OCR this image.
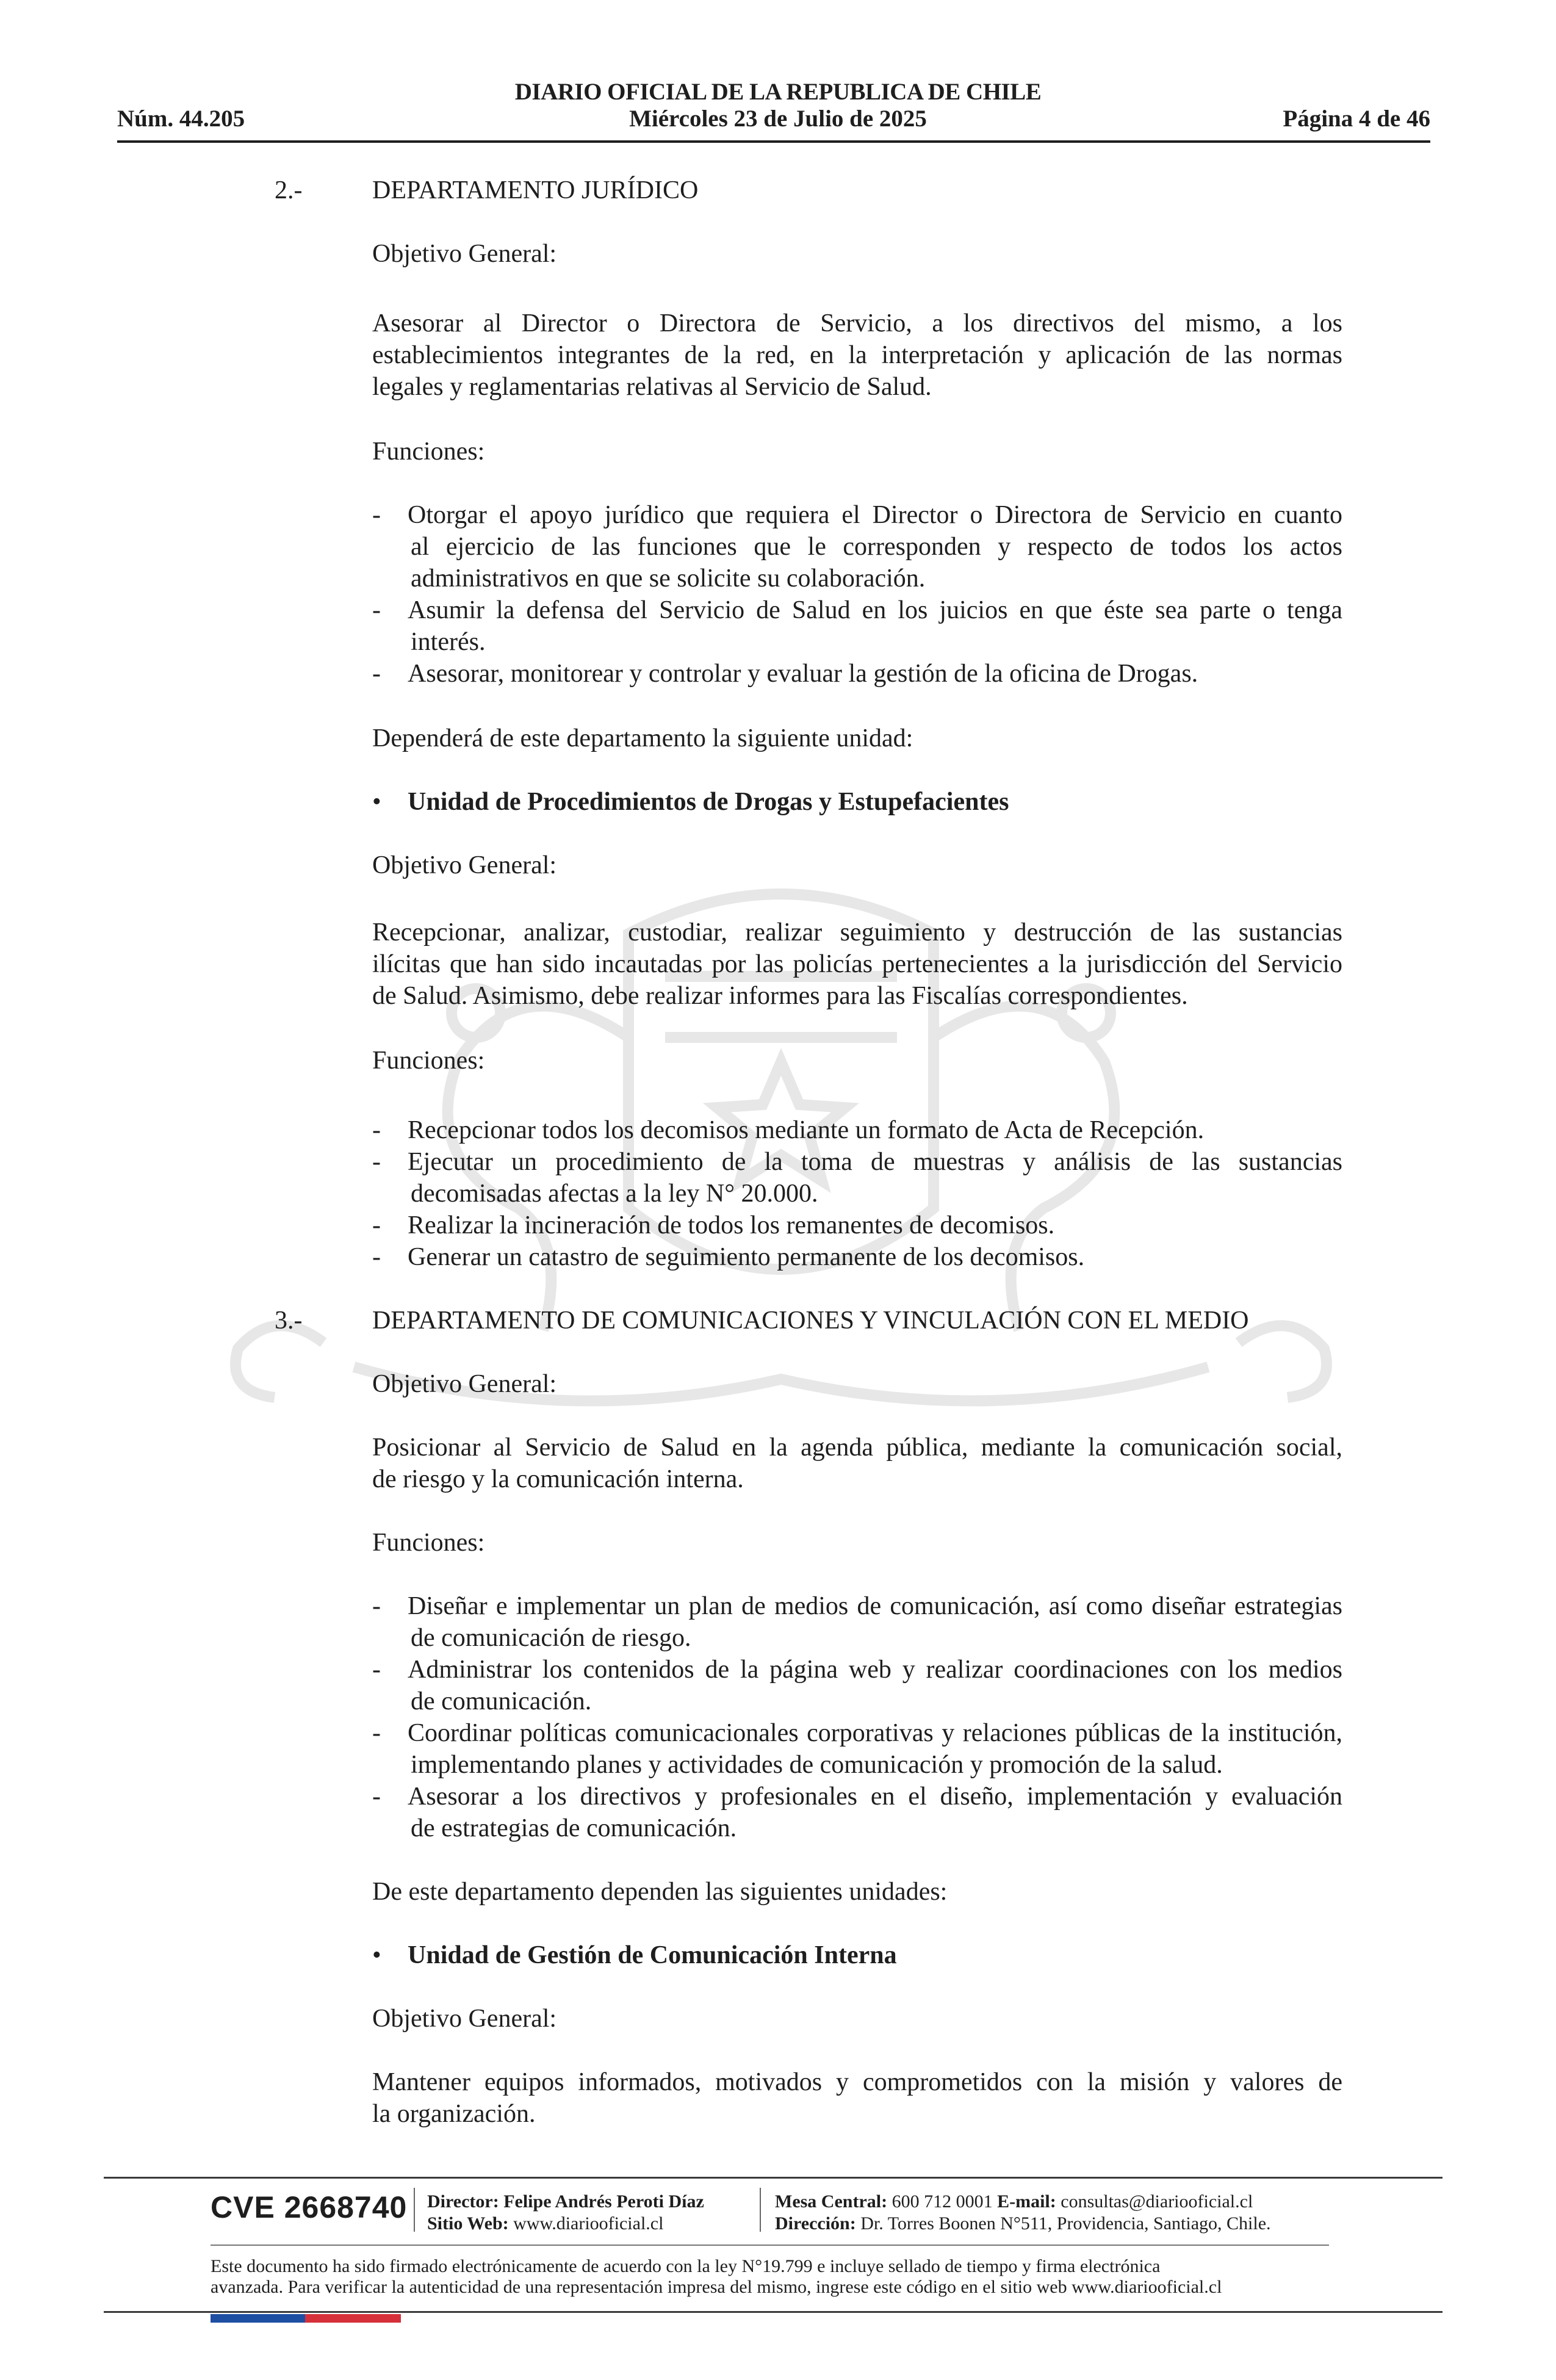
DIARIO OFICIAL DE LA REPUBLICA DE CHILE
Núm. 44.205	Miércoles 23 de Julio de 2025	Página 4 de 46
2.-	DEPARTAMENTO JURÍDICO
Objetivo General:
Asesorar al Director o Directora de Servicio, a los directivos del mismo, a los
establecimientos integrantes de la red, en la interpretación y aplicación de las normas
legales y reglamentarias relativas al Servicio de Salud.
Funciones:
- Otorgar el apoyo jurídico que requiera el Director o Directora de Servicio en cuanto
al ejercicio de las funciones que le corresponden y respecto de todos los actos
administrativos en que se solicite su colaboración.
- Asumir la defensa del Servicio de Salud en los juicios en que éste sea parte o tenga
interés.
- Asesorar, monitorear y controlar y evaluar la gestión de la oficina de Drogas.
Dependerá de este departamento la siguiente unidad:
• Unidad de Procedimientos de Drogas y Estupefacientes
Objetivo General:
Recepcionar, analizar, custodiar, realizar seguimiento y destrucción de las sustancias
ilícitas que han sido incautadas por las policías pertenecientes a la jurisdicción del Servicio
de Salud. Asimismo, debe realizar informes para las Fiscalías correspondientes.
Funciones:
- Recepcionar todos los decomisos mediante un formato de Acta de Recepción.
- Ejecutar un procedimiento de la toma de muestras y análisis de las sustancias
decomisadas afectas a la ley N° 20.000.
- Realizar la incineración de todos los remanentes de decomisos.
- Generar un catastro de seguimiento permanente de los decomisos.
3.-	DEPARTAMENTO DE COMUNICACIONES Y VINCULACIÓN CON EL MEDIO
Objetivo General:
Posicionar al Servicio de Salud en la agenda pública, mediante la comunicación social,
de riesgo y la comunicación interna.
Funciones:
- Diseñar e implementar un plan de medios de comunicación, así como diseñar estrategias
de comunicación de riesgo.
- Administrar los contenidos de la página web y realizar coordinaciones con los medios
de comunicación.
- Coordinar políticas comunicacionales corporativas y relaciones públicas de la institución,
implementando planes y actividades de comunicación y promoción de la salud.
- Asesorar a los directivos y profesionales en el diseño, implementación y evaluación
de estrategias de comunicación.
De este departamento dependen las siguientes unidades:
• Unidad de Gestión de Comunicación Interna
Objetivo General:
Mantener equipos informados, motivados y comprometidos con la misión y valores de
la organización.
CVE 2668740 Director: Felipe Andrés Peroti Díaz
Sitio Web: www.diariooficial.cl
Mesa Central: 600 712 0001 E-mail: consultas@diariooficial.cl
Dirección: Dr. Torres Boonen N°511, Providencia, Santiago, Chile.
Este documento ha sido firmado electrónicamente de acuerdo con la ley N°19.799 e incluye sellado de tiempo y firma electrónica
avanzada. Para verificar la autenticidad de una representación impresa del mismo, ingrese este código en el sitio web www.diariooficial.cl
